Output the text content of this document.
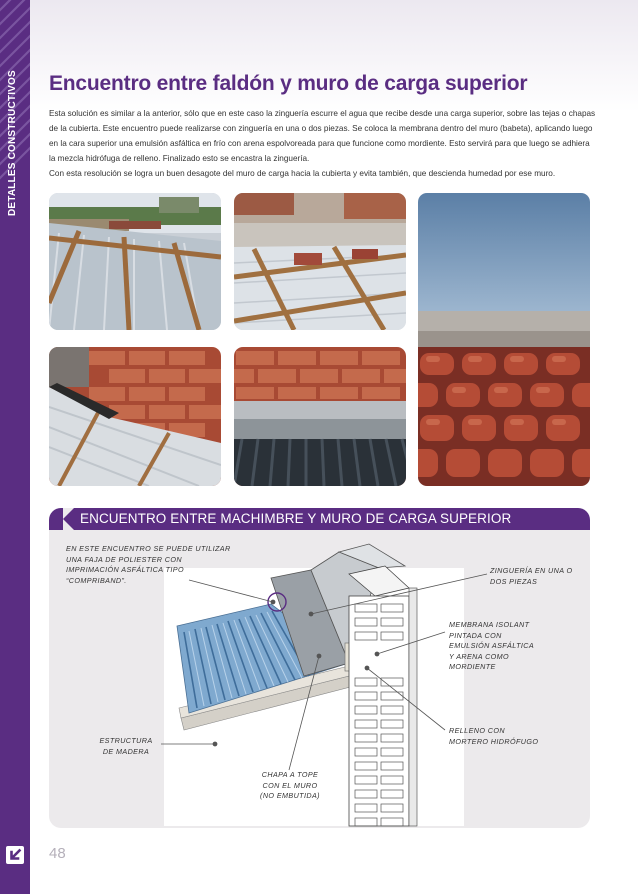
DETALLES CONSTRUCTIVOS Encuentro entre faldón y muro de carga superior

Esta solución es similar a la anterior, sólo que en este caso la zinguería escurre el agua que recibe desde una carga superior, sobre las tejas o chapas de la cubierta. Este encuentro puede realizarse con zinguería en una o dos piezas. Se coloca la membrana dentro del muro (babeta), aplicando luego en la cara superior una emulsión asfáltica en frío con arena espolvoreada para que funcione como mordiente. Esto servirá para que luego se adhiera la mezcla hidrófuga de relleno. Finalizado esto se encastra la zinguería.

Con esta resolución se logra un buen desagote del muro de carga hacia la cubierta y evita también, que descienda humedad por ese muro.

ENCUENTRO ENTRE MACHIMBRE Y MURO DE CARGA SUPERIOR
EN ESTE ENCUENTRO SE PUEDE UTILIZAR UNA FAJA DE POLIESTER CON IMPRIMACIÓN ASFÁLTICA TIPO “COMPRIBAND”.
ZINGUERÍA EN UNA O DOS PIEZAS
MEMBRANA ISOLANT PINTADA CON EMULSIÓN ASFÁLTICA Y ARENA COMO MORDIENTE
RELLENO CON MORTERO HIDRÓFUGO
ESTRUCTURA DE MADERA
CHAPA A TOPE CON EL MURO (NO EMBUTIDA)
48
